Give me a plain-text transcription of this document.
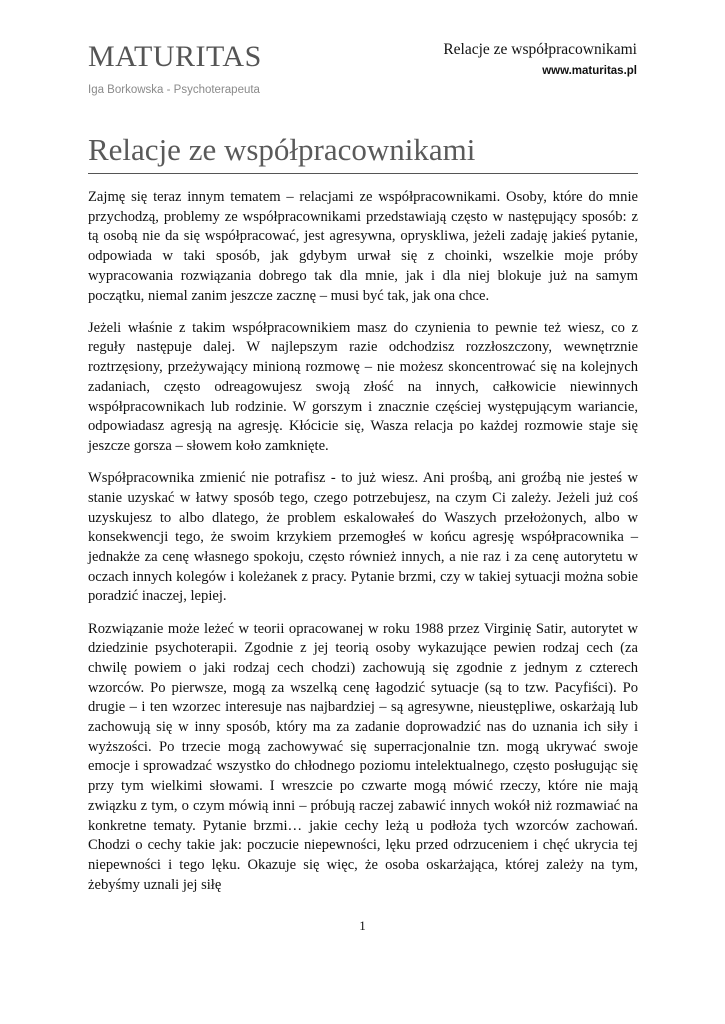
MATURITAS
Iga Borkowska - Psychoterapeuta
Relacje ze współpracownikami
www.maturitas.pl
Relacje ze współpracownikami

Zajmę się teraz innym tematem – relacjami ze współpracownikami. Osoby, które do mnie przychodzą, problemy ze współpracownikami przedstawiają często w następujący sposób: z tą osobą nie da się współpracować, jest agresywna, opryskliwa, jeżeli zadaję jakieś pytanie, odpowiada w taki sposób, jak gdybym urwał się z choinki, wszelkie moje próby wypracowania rozwiązania dobrego tak dla mnie, jak i dla niej blokuje już na samym początku, niemal zanim jeszcze zacznę – musi być tak, jak ona chce.

Jeżeli właśnie z takim współpracownikiem masz do czynienia to pewnie też wiesz, co z reguły następuje dalej. W najlepszym razie odchodzisz rozzłoszczony, wewnętrznie roztrzęsiony, przeżywający minioną rozmowę – nie możesz skoncentrować się na kolejnych zadaniach, często odreagowujesz swoją złość na innych, całkowicie niewinnych współpracownikach lub rodzinie. W gorszym i znacznie częściej występującym wariancie, odpowiadasz agresją na agresję. Kłócicie się, Wasza relacja po każdej rozmowie staje się jeszcze gorsza – słowem koło zamknięte.

Współpracownika zmienić nie potrafisz - to już wiesz. Ani prośbą, ani groźbą nie jesteś w stanie uzyskać w łatwy sposób tego, czego potrzebujesz, na czym Ci zależy. Jeżeli już coś uzyskujesz to albo dlatego, że problem eskalowałeś do Waszych przełożonych, albo w konsekwencji tego, że swoim krzykiem przemogłeś w końcu agresję współpracownika – jednakże za cenę własnego spokoju, często również innych, a nie raz i za cenę autorytetu w oczach innych kolegów i koleżanek z pracy. Pytanie brzmi, czy w takiej sytuacji można sobie poradzić inaczej, lepiej.

Rozwiązanie może leżeć w teorii opracowanej w roku 1988 przez Virginię Satir, autorytet w dziedzinie psychoterapii. Zgodnie z jej teorią osoby wykazujące pewien rodzaj cech (za chwilę powiem o jaki rodzaj cech chodzi) zachowują się zgodnie z jednym z czterech wzorców. Po pierwsze, mogą za wszelką cenę łagodzić sytuacje (są to tzw. Pacyfiści). Po drugie – i ten wzorzec interesuje nas najbardziej – są agresywne, nieustępliwe, oskarżają lub zachowują się w inny sposób, który ma za zadanie doprowadzić nas do uznania ich siły i wyższości. Po trzecie mogą zachowywać się superracjonalnie tzn. mogą ukrywać swoje emocje i sprowadzać wszystko do chłodnego poziomu intelektualnego, często posługując się przy tym wielkimi słowami. I wreszcie po czwarte mogą mówić rzeczy, które nie mają związku z tym, o czym mówią inni – próbują raczej zabawić innych wokół niż rozmawiać na konkretne tematy. Pytanie brzmi… jakie cechy leżą u podłoża tych wzorców zachowań. Chodzi o cechy takie jak: poczucie niepewności, lęku przed odrzuceniem i chęć ukrycia tej niepewności i tego lęku. Okazuje się więc, że osoba oskarżająca, której zależy na tym, żebyśmy uznali jej siłę

1
